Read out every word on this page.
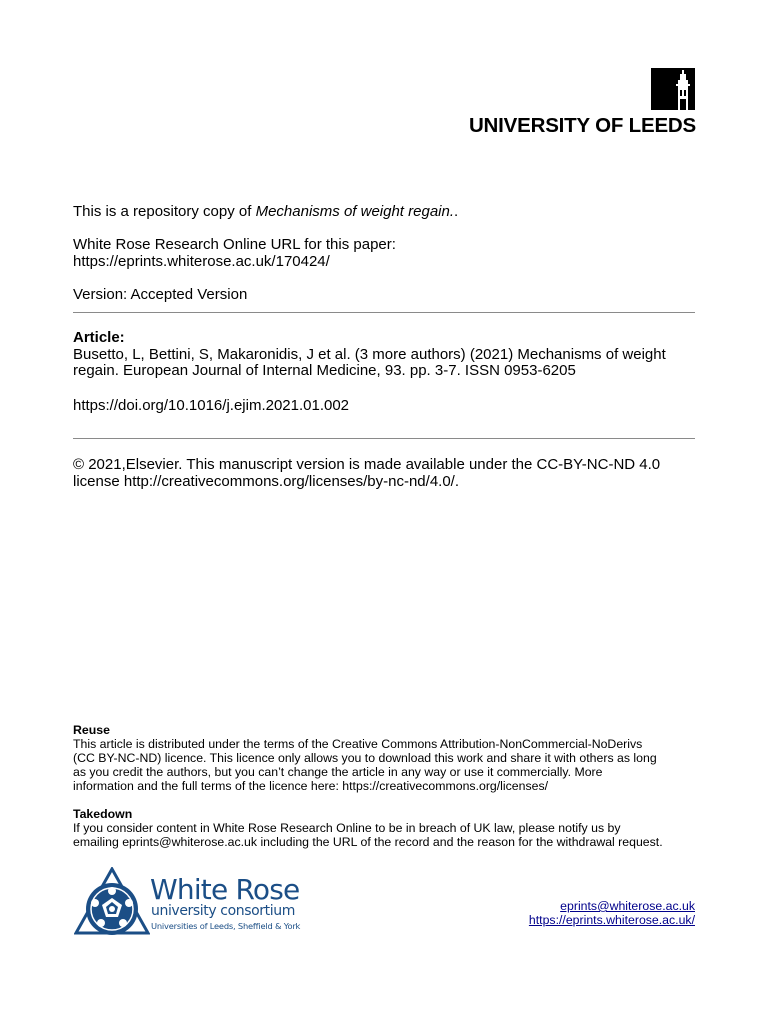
UNIVERSITY OF LEEDS
This is a repository copy of Mechanisms of weight regain..
White Rose Research Online URL for this paper:
https://eprints.whiterose.ac.uk/170424/
Version: Accepted Version
Article:
Busetto, L, Bettini, S, Makaronidis, J et al. (3 more authors) (2021) Mechanisms of weight
regain. European Journal of Internal Medicine, 93. pp. 3-7. ISSN 0953-6205
https://doi.org/10.1016/j.ejim.2021.01.002
© 2021,Elsevier. This manuscript version is made available under the CC-BY-NC-ND 4.0
license http://creativecommons.org/licenses/by-nc-nd/4.0/.
Reuse
This article is distributed under the terms of the Creative Commons Attribution-NonCommercial-NoDerivs
(CC BY-NC-ND) licence. This licence only allows you to download this work and share it with others as long
as you credit the authors, but you can’t change the article in any way or use it commercially. More
information and the full terms of the licence here: https://creativecommons.org/licenses/
Takedown
If you consider content in White Rose Research Online to be in breach of UK law, please notify us by
emailing eprints@whiterose.ac.uk including the URL of the record and the reason for the withdrawal request.
White Rose
university consortium
Universities of Leeds, Sheffield & York
eprints@whiterose.ac.uk
https://eprints.whiterose.ac.uk/
